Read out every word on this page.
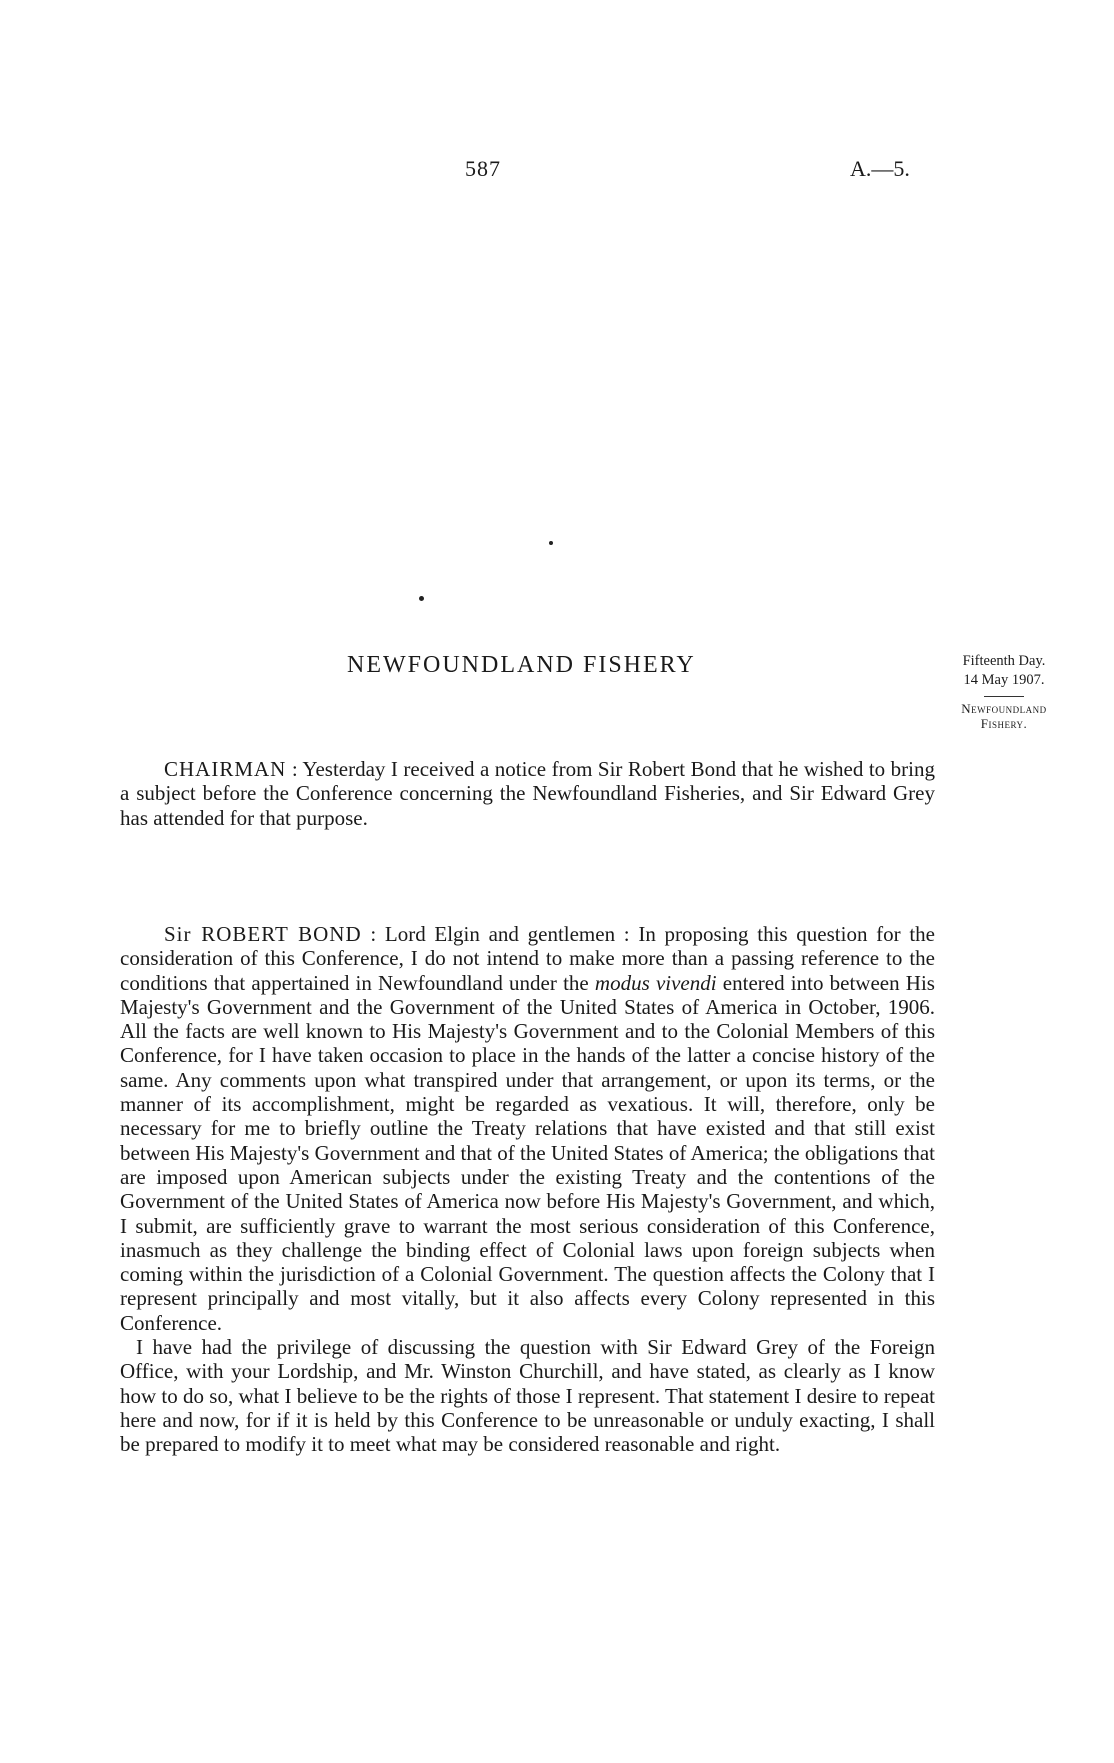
587	A.—5.
NEWFOUNDLAND FISHERY	Fifteenth Day.
14 May 1907.
Newfoundland
Fishery.

CHAIRMAN : Yesterday I received a notice from Sir Robert Bond that he wished to bring a subject before the Conference concerning the Newfoundland Fisheries, and Sir Edward Grey has attended for that purpose.

Sir ROBERT BOND : Lord Elgin and gentlemen : In proposing this question for the consideration of this Conference, I do not intend to make more than a passing reference to the conditions that appertained in Newfoundland under the modus vivendi entered into between His Majesty's Government and the Government of the United States of America in October, 1906. All the facts are well known to His Majesty's Government and to the Colonial Members of this Conference, for I have taken occasion to place in the hands of the latter a concise history of the same. Any comments upon what transpired under that arrangement, or upon its terms, or the manner of its accomplishment, might be regarded as vexatious. It will, therefore, only be necessary for me to briefly outline the Treaty relations that have existed and that still exist between His Majesty's Government and that of the United States of America; the obligations that are imposed upon American subjects under the existing Treaty and the contentions of the Government of the United States of America now before His Majesty's Government, and which, I submit, are sufficiently grave to warrant the most serious consideration of this Conference, inasmuch as they challenge the binding effect of Colonial laws upon foreign subjects when coming within the jurisdiction of a Colonial Government. The question affects the Colony that I represent principally and most vitally, but it also affects every Colony represented in this Conference.

I have had the privilege of discussing the question with Sir Edward Grey of the Foreign Office, with your Lordship, and Mr. Winston Churchill, and have stated, as clearly as I know how to do so, what I believe to be the rights of those I represent. That statement I desire to repeat here and now, for if it is held by this Conference to be unreasonable or unduly exacting, I shall be prepared to modify it to meet what may be considered reasonable and right.
